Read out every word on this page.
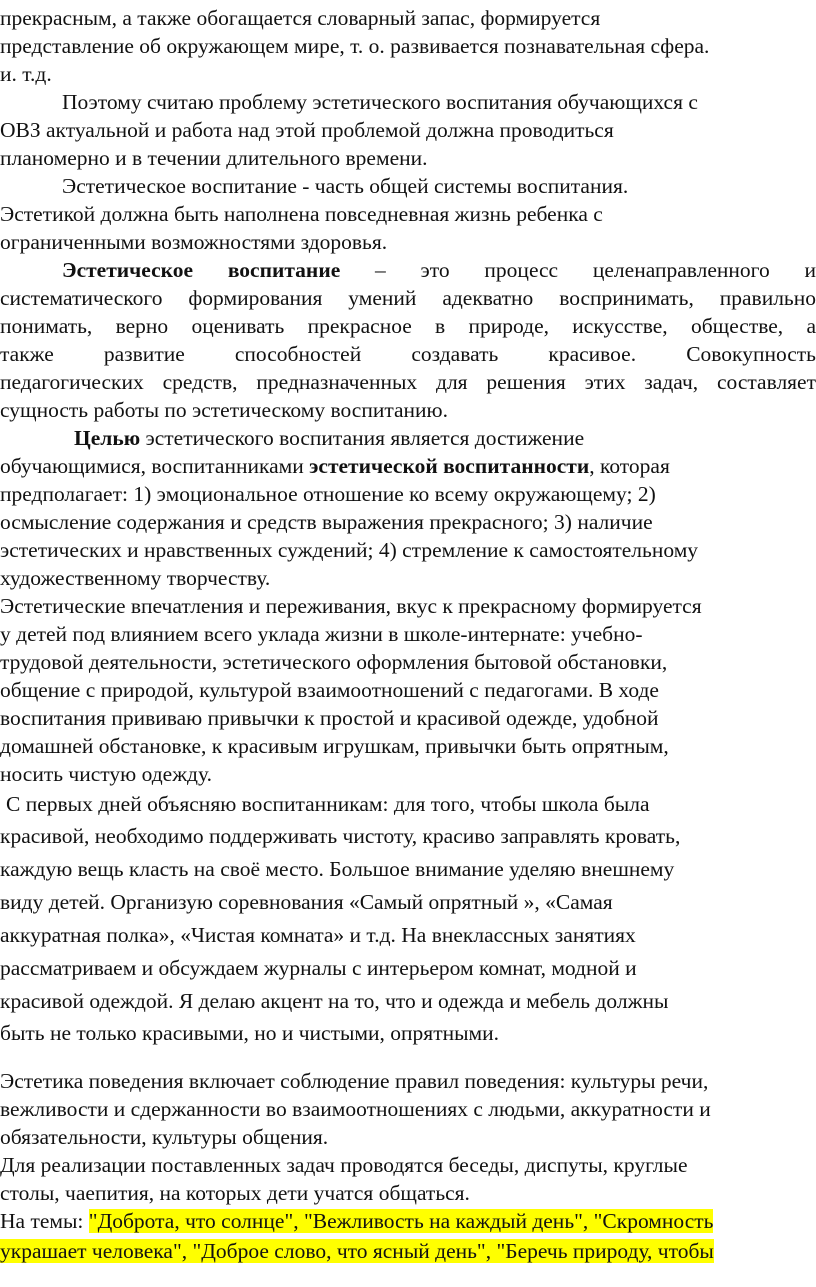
прекрасным, а также обогащается словарный запас, формируется
представление об окружающем мире, т. о. развивается познавательная сфера.
и. т.д.
Поэтому считаю проблему эстетического воспитания обучающихся с
ОВЗ актуальной и работа над этой проблемой должна проводиться
планомерно и в течении длительного времени.
Эстетическое воспитание - часть общей системы воспитания.
Эстетикой должна быть наполнена повседневная жизнь ребенка с
ограниченными возможностями здоровья.
Эстетическое воспитание – это процесс целенаправленного и
систематического формирования умений адекватно воспринимать, правильно
понимать, верно оценивать прекрасное в природе, искусстве, обществе, а
также развитие способностей создавать красивое. Совокупность
педагогических средств, предназначенных для решения этих задач, составляет
сущность работы по эстетическому воспитанию.
Целью эстетического воспитания является достижение
обучающимися, воспитанниками эстетической воспитанности, которая
предполагает: 1) эмоциональное отношение ко всему окружающему; 2)
осмысление содержания и средств выражения прекрасного; 3) наличие
эстетических и нравственных суждений; 4) стремление к самостоятельному
художественному творчеству.
Эстетические впечатления и переживания, вкус к прекрасному формируется
у детей под влиянием всего уклада жизни в школе-интернате: учебно-
трудовой деятельности, эстетического оформления бытовой обстановки,
общение с природой, культурой взаимоотношений с педагогами. В ходе
воспитания прививаю привычки к простой и красивой одежде, удобной
домашней обстановке, к красивым игрушкам, привычки быть опрятным,
носить чистую одежду.
С первых дней объясняю воспитанникам: для того, чтобы школа была
красивой, необходимо поддерживать чистоту, красиво заправлять кровать,
каждую вещь класть на своё место. Большое внимание уделяю внешнему
виду детей. Организую соревнования «Самый опрятный », «Самая
аккуратная полка», «Чистая комната» и т.д. На внеклассных занятиях
рассматриваем и обсуждаем журналы с интерьером комнат, модной и
красивой одеждой. Я делаю акцент на то, что и одежда и мебель должны
быть не только красивыми, но и чистыми, опрятными.
Эстетика поведения включает соблюдение правил поведения: культуры речи,
вежливости и сдержанности во взаимоотношениях с людьми, аккуратности и
обязательности, культуры общения.
Для реализации поставленных задач проводятся беседы, диспуты, круглые
столы, чаепития, на которых дети учатся общаться.
На темы: "Доброта, что солнце", "Вежливость на каждый день", "Скромность
украшает человека", "Доброе слово, что ясный день", "Беречь природу, чтобы
